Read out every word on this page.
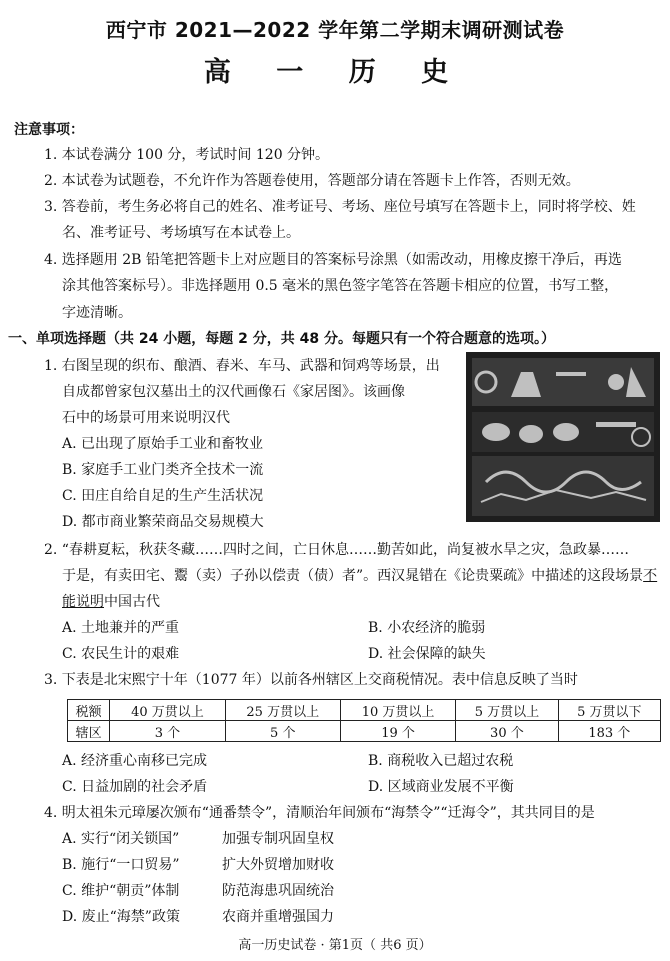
西宁市 2021—2022 学年第二学期末调研测试卷
高 一 历 史
注意事项：
1. 本试卷满分 100 分，考试时间 120 分钟。
2. 本试卷为试题卷，不允许作为答题卷使用，答题部分请在答题卡上作答，否则无效。
3. 答卷前，考生务必将自己的姓名、准考证号、考场、座位号填写在答题卡上，同时将学校、姓
名、准考证号、考场填写在本试卷上。
4. 选择题用 2B 铅笔把答题卡上对应题目的答案标号涂黑（如需改动，用橡皮擦干净后，再选
涂其他答案标号）。非选择题用 0.5 毫米的黑色签字笔答在答题卡相应的位置，书写工整，
字迹清晰。
一、单项选择题（共 24 小题，每题 2 分，共 48 分。每题只有一个符合题意的选项。）
1. 右图呈现的织布、酿酒、舂米、车马、武器和饲鸡等场景，出
自成都曾家包汉墓出土的汉代画像石《家居图》。该画像
石中的场景可用来说明汉代
A. 已出现了原始手工业和畜牧业
B. 家庭手工业门类齐全技术一流
C. 田庄自给自足的生产生活状况
D. 都市商业繁荣商品交易规模大
2. “春耕夏耘，秋获冬藏……四时之间，亡日休息……勤苦如此，尚复被水旱之灾，急政暴……
于是，有卖田宅、鬻（卖）子孙以偿责（债）者”。西汉晁错在《论贵粟疏》中描述的这段场景不
能说明中国古代
A. 土地兼并的严重	B. 小农经济的脆弱
C. 农民生计的艰难	D. 社会保障的缺失
3. 下表是北宋熙宁十年（1077 年）以前各州辖区上交商税情况。表中信息反映了当时
税额	40 万贯以上	25 万贯以上	10 万贯以上	5 万贯以上	5 万贯以下
辖区	3 个	5 个	19 个	30 个	183 个
A. 经济重心南移已完成	B. 商税收入已超过农税
C. 日益加剧的社会矛盾	D. 区域商业发展不平衡
4. 明太祖朱元璋屡次颁布“通番禁令”，清顺治年间颁布“海禁令”“迁海令”，其共同目的是
A. 实行“闭关锁国”	加强专制巩固皇权
B. 施行“一口贸易”	扩大外贸增加财收
C. 维护“朝贡”体制	防范海患巩固统治
D. 废止“海禁”政策	农商并重增强国力
高一历史试卷 · 第1页（ 共6 页）
